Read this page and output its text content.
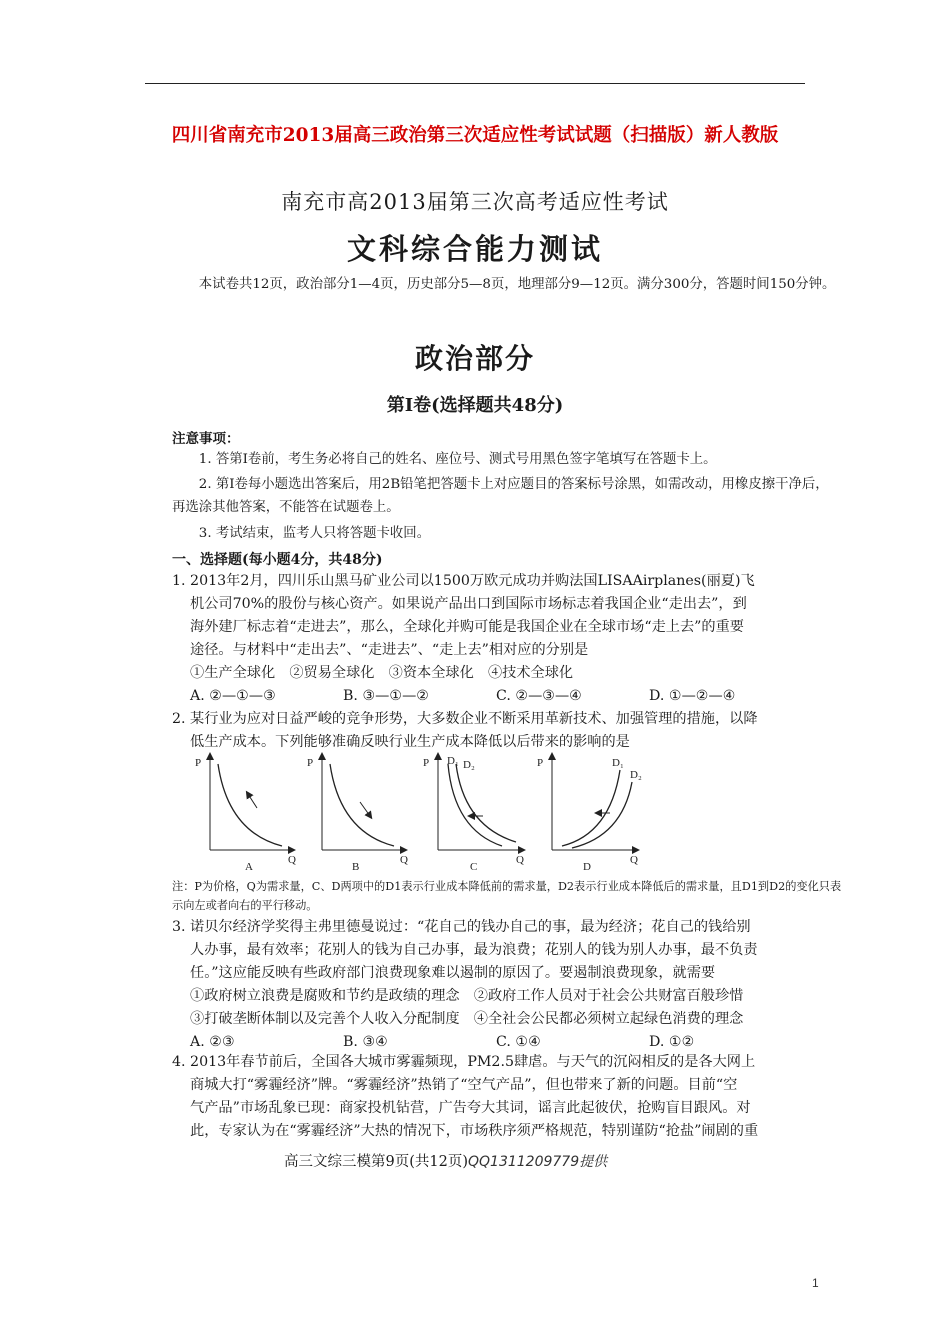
四川省南充市2013届高三政治第三次适应性考试试题（扫描版）新人教版
南充市高2013届第三次高考适应性考试
文科综合能力测试
本试卷共12页，政治部分1—4页，历史部分5—8页，地理部分9—12页。满分300分，答题时间150分钟。
政治部分
第Ⅰ卷(选择题共48分)
注意事项：
1. 答第Ⅰ卷前，考生务必将自己的姓名、座位号、测式号用黑色签字笔填写在答题卡上。
2. 第Ⅰ卷每小题选出答案后，用2B铅笔把答题卡上对应题目的答案标号涂黑，如需改动，用橡皮擦干净后，再选涂其他答案，不能答在试题卷上。
3. 考试结束，监考人只将答题卡收回。
一、选择题(每小题4分，共48分)
1. 2013年2月，四川乐山黑马矿业公司以1500万欧元成功并购法国LISAAirplanes(丽夏)飞
机公司70%的股份与核心资产。如果说产品出口到国际市场标志着我国企业“走出去”，到
海外建厂标志着“走进去”，那么，全球化并购可能是我国企业在全球市场“走上去”的重要
途径。与材料中“走出去”、“走进去”、“走上去”相对应的分别是
①生产全球化　②贸易全球化　③资本全球化　④技术全球化
A. ②—①—③	B. ③—①—②	C. ②—③—④	D. ①—②—④
2. 某行业为应对日益严峻的竞争形势，大多数企业不断采用革新技术、加强管理的措施，以降
低生产成本。下列能够准确反映行业生产成本降低以后带来的影响的是
P
Q
A
P
Q
B
P D₁ D₂
Q
C
P	D₁
D₂
Q
D
注：P为价格，Q为需求量，C、D两项中的D1表示行业成本降低前的需求量，D2表示行业成本降低后的需求量，且D1到D2的变化只表示向左或者向右的平行移动。
3. 诺贝尔经济学奖得主弗里德曼说过：“花自己的钱办自己的事，最为经济；花自己的钱给别
人办事，最有效率；花别人的钱为自己办事，最为浪费；花别人的钱为别人办事，最不负责
任。”这应能反映有些政府部门浪费现象难以遏制的原因了。要遏制浪费现象，就需要
①政府树立浪费是腐败和节约是政绩的理念　②政府工作人员对于社会公共财富百般珍惜
③打破垄断体制以及完善个人收入分配制度　④全社会公民都必须树立起绿色消费的理念
A. ②③	B. ③④	C. ①④	D. ①②
4. 2013年春节前后，全国各大城市雾霾频现，PM2.5肆虐。与天气的沉闷相反的是各大网上
商城大打“雾霾经济”牌。“雾霾经济”热销了“空气产品”，但也带来了新的问题。目前“空
气产品”市场乱象已现：商家投机钻营，广告夸大其词，谣言此起彼伏，抢购盲目跟风。对
此，专家认为在“雾霾经济”大热的情况下，市场秩序须严格规范，特别谨防“抢盐”闹剧的重
高三文综三模第9页(共12页)QQ1311209779提供
1
